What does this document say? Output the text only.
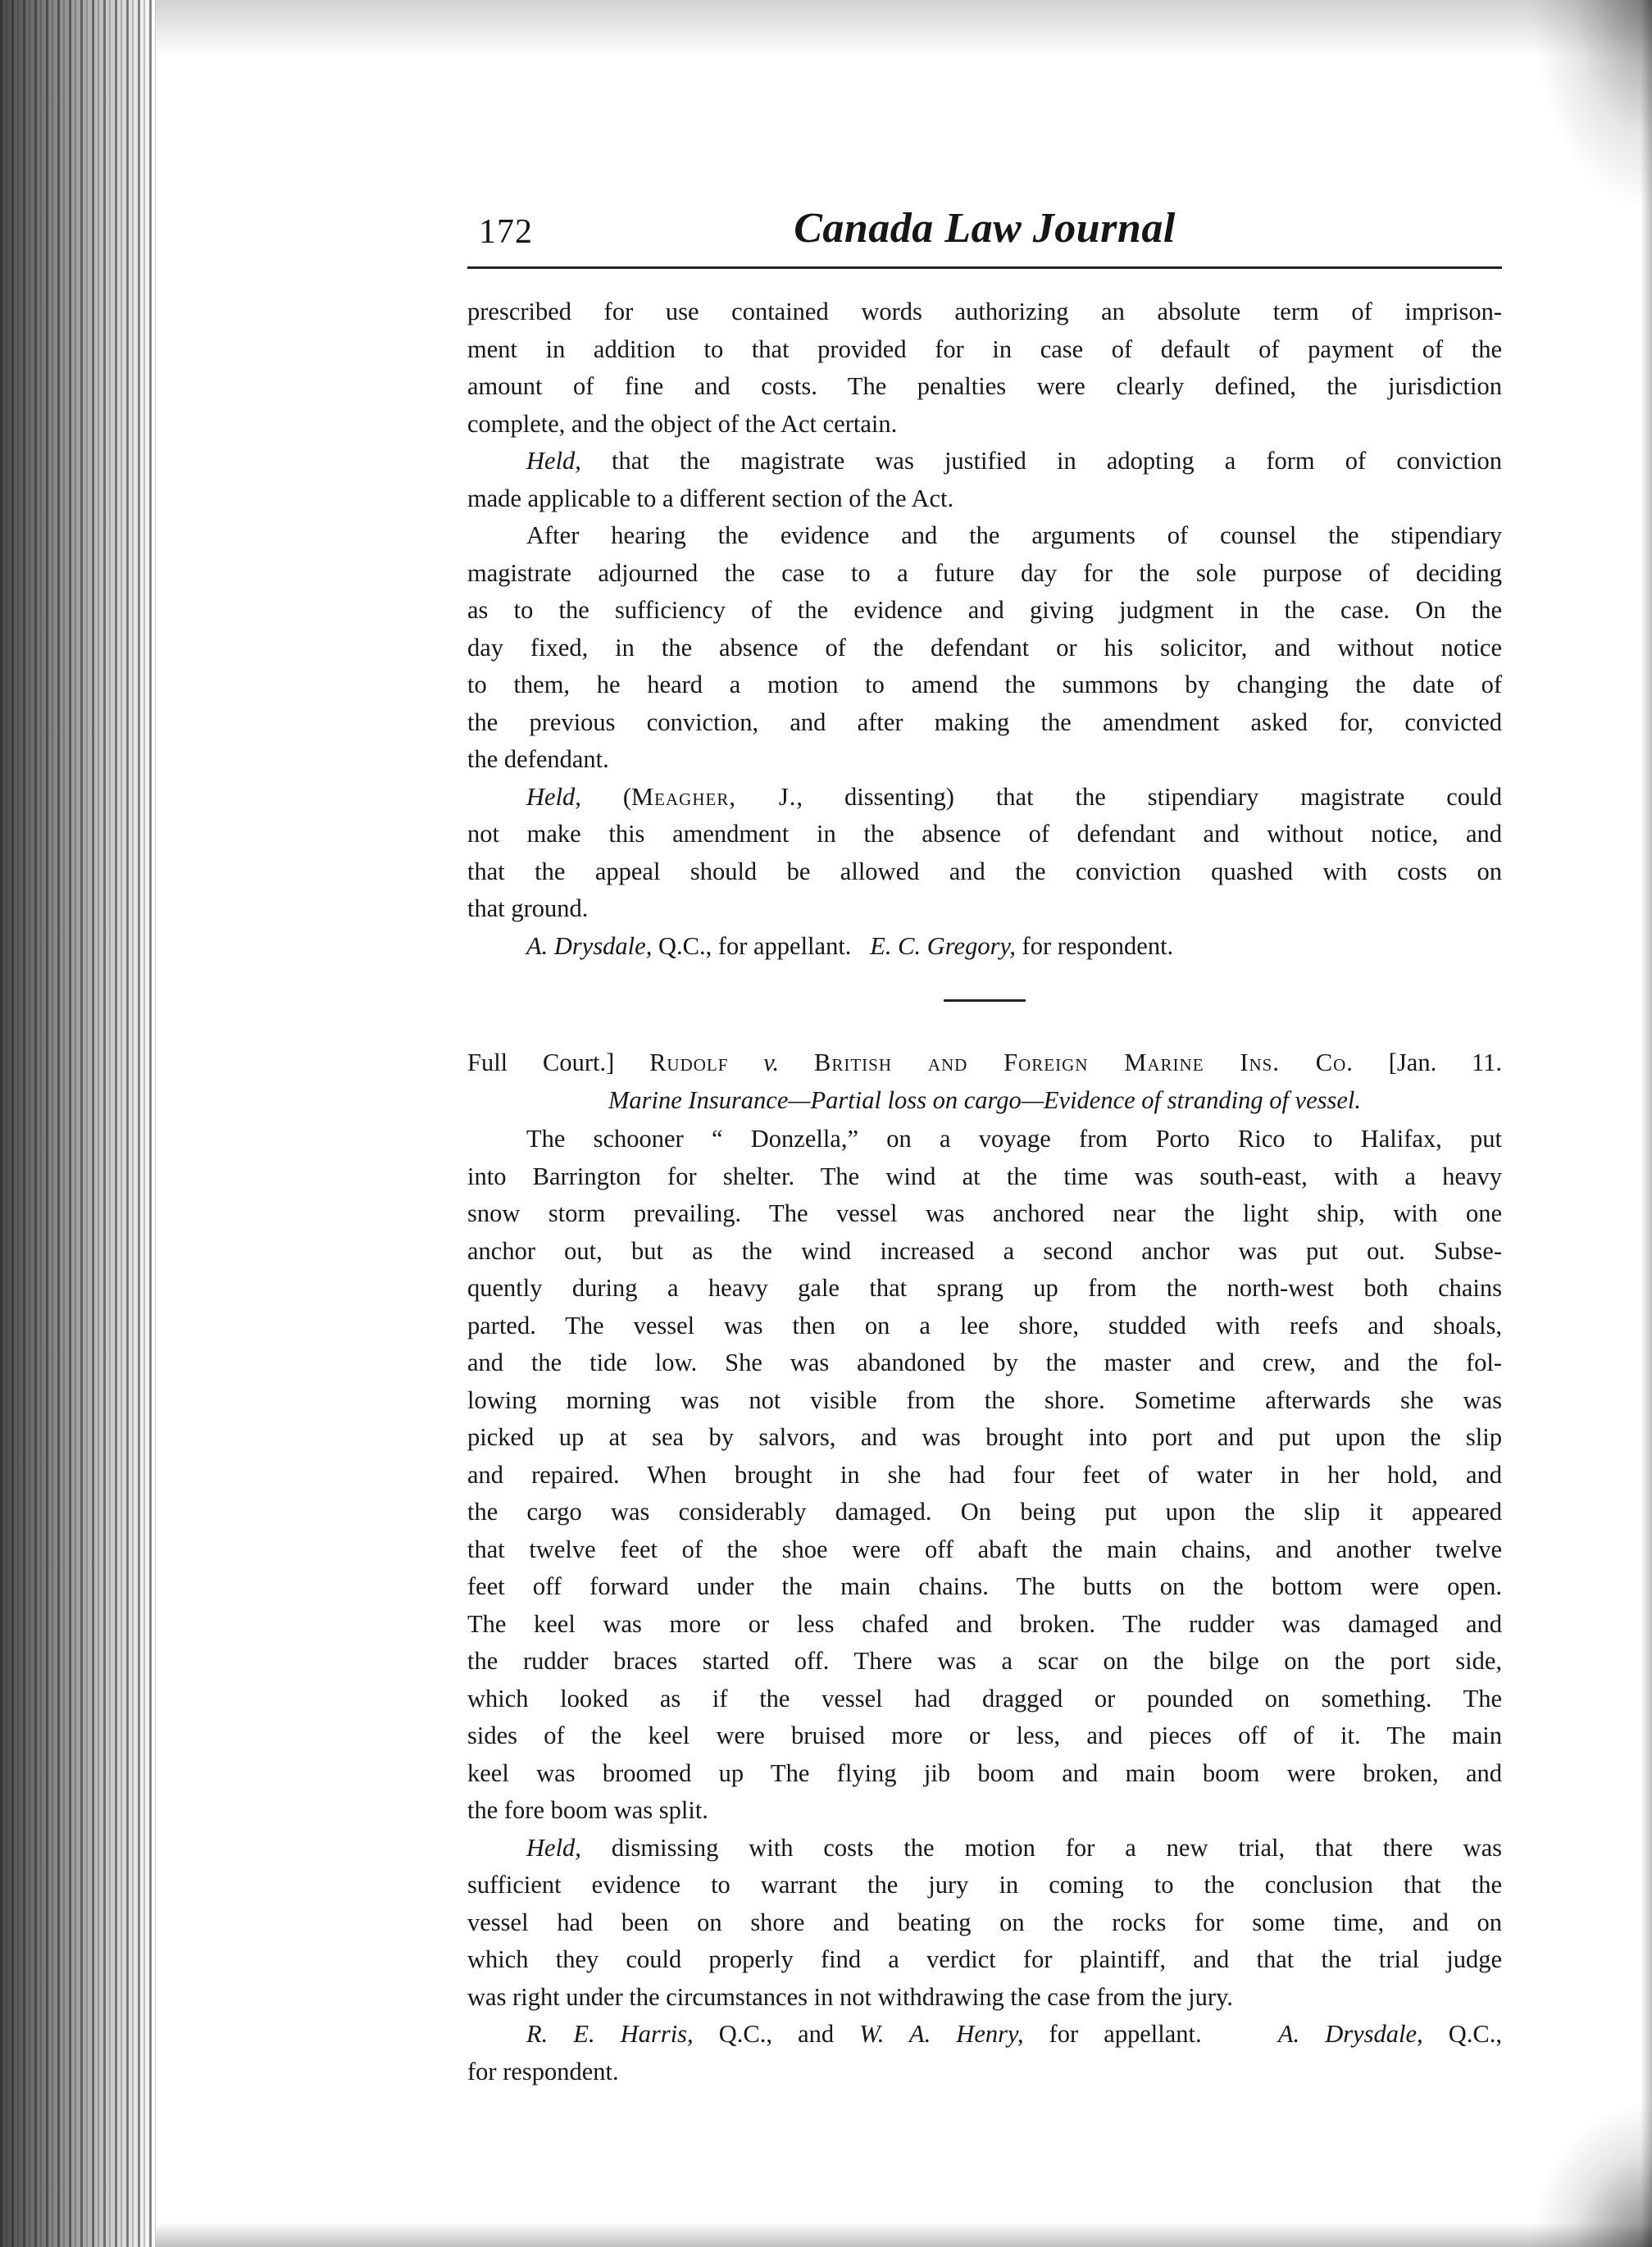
172	Canada Law Journal

prescribed for use contained words authorizing an absolute term of imprison-
ment in addition to that provided for in case of default of payment of the
amount of fine and costs. The penalties were clearly defined, the jurisdiction
complete, and the object of the Act certain.

Held, that the magistrate was justified in adopting a form of conviction
made applicable to a different section of the Act.

After hearing the evidence and the arguments of counsel the stipendiary
magistrate adjourned the case to a future day for the sole purpose of deciding
as to the sufficiency of the evidence and giving judgment in the case. On the
day fixed, in the absence of the defendant or his solicitor, and without notice
to them, he heard a motion to amend the summons by changing the date of
the previous conviction, and after making the amendment asked for, convicted
the defendant.

Held, (Meagher, J., dissenting) that the stipendiary magistrate could
not make this amendment in the absence of defendant and without notice, and
that the appeal should be allowed and the conviction quashed with costs on
that ground.

A. Drysdale, Q.C., for appellant. E. C. Gregory, for respondent.

Full Court.] Rudolf v. British and Foreign Marine Ins. Co. [Jan. 11.
Marine Insurance—Partial loss on cargo—Evidence of stranding of vessel.

The schooner “ Donzella,” on a voyage from Porto Rico to Halifax, put
into Barrington for shelter. The wind at the time was south-east, with a heavy
snow storm prevailing. The vessel was anchored near the light ship, with one
anchor out, but as the wind increased a second anchor was put out. Subse-
quently during a heavy gale that sprang up from the north-west both chains
parted. The vessel was then on a lee shore, studded with reefs and shoals,
and the tide low. She was abandoned by the master and crew, and the fol-
lowing morning was not visible from the shore. Sometime afterwards she was
picked up at sea by salvors, and was brought into port and put upon the slip
and repaired. When brought in she had four feet of water in her hold, and
the cargo was considerably damaged. On being put upon the slip it appeared
that twelve feet of the shoe were off abaft the main chains, and another twelve
feet off forward under the main chains. The butts on the bottom were open.
The keel was more or less chafed and broken. The rudder was damaged and
the rudder braces started off. There was a scar on the bilge on the port side,
which looked as if the vessel had dragged or pounded on something. The
sides of the keel were bruised more or less, and pieces off of it. The main
keel was broomed up The flying jib boom and main boom were broken, and
the fore boom was split.

Held, dismissing with costs the motion for a new trial, that there was
sufficient evidence to warrant the jury in coming to the conclusion that the
vessel had been on shore and beating on the rocks for some time, and on
which they could properly find a verdict for plaintiff, and that the trial judge
was right under the circumstances in not withdrawing the case from the jury.

R. E. Harris, Q.C., and W. A. Henry, for appellant.   A. Drysdale, Q.C.,
for respondent.
